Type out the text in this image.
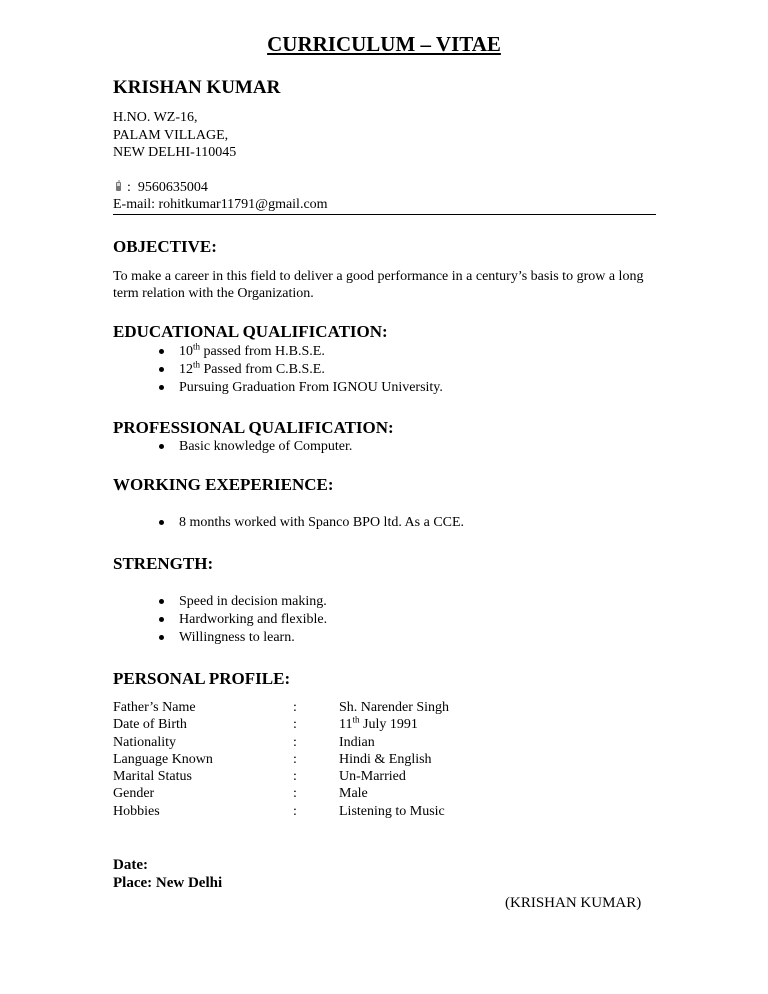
CURRICULUM – VITAE
KRISHAN KUMAR
H.NO. WZ-16,
PALAM VILLAGE,
NEW DELHI-110045
: 9560635004
E-mail: rohitkumar11791@gmail.com
OBJECTIVE:
To make a career in this field to deliver a good performance in a century’s basis to grow a long term relation with the Organization.
EDUCATIONAL QUALIFICATION:
10th passed from H.B.S.E.
12th Passed from C.B.S.E.
Pursuing Graduation From IGNOU University.
PROFESSIONAL QUALIFICATION:
Basic knowledge of Computer.
WORKING EXEPERIENCE:
8 months worked with Spanco BPO ltd. As a CCE.
STRENGTH:
Speed in decision making.
Hardworking and flexible.
Willingness to learn.
PERSONAL PROFILE:
Father’s Name	:	Sh. Narender Singh
Date of Birth	:	11th July 1991
Nationality	:	Indian
Language Known	:	Hindi & English
Marital Status	:	Un-Married
Gender	:	Male
Hobbies	:	Listening to Music
Date:
Place: New Delhi
(KRISHAN KUMAR)
